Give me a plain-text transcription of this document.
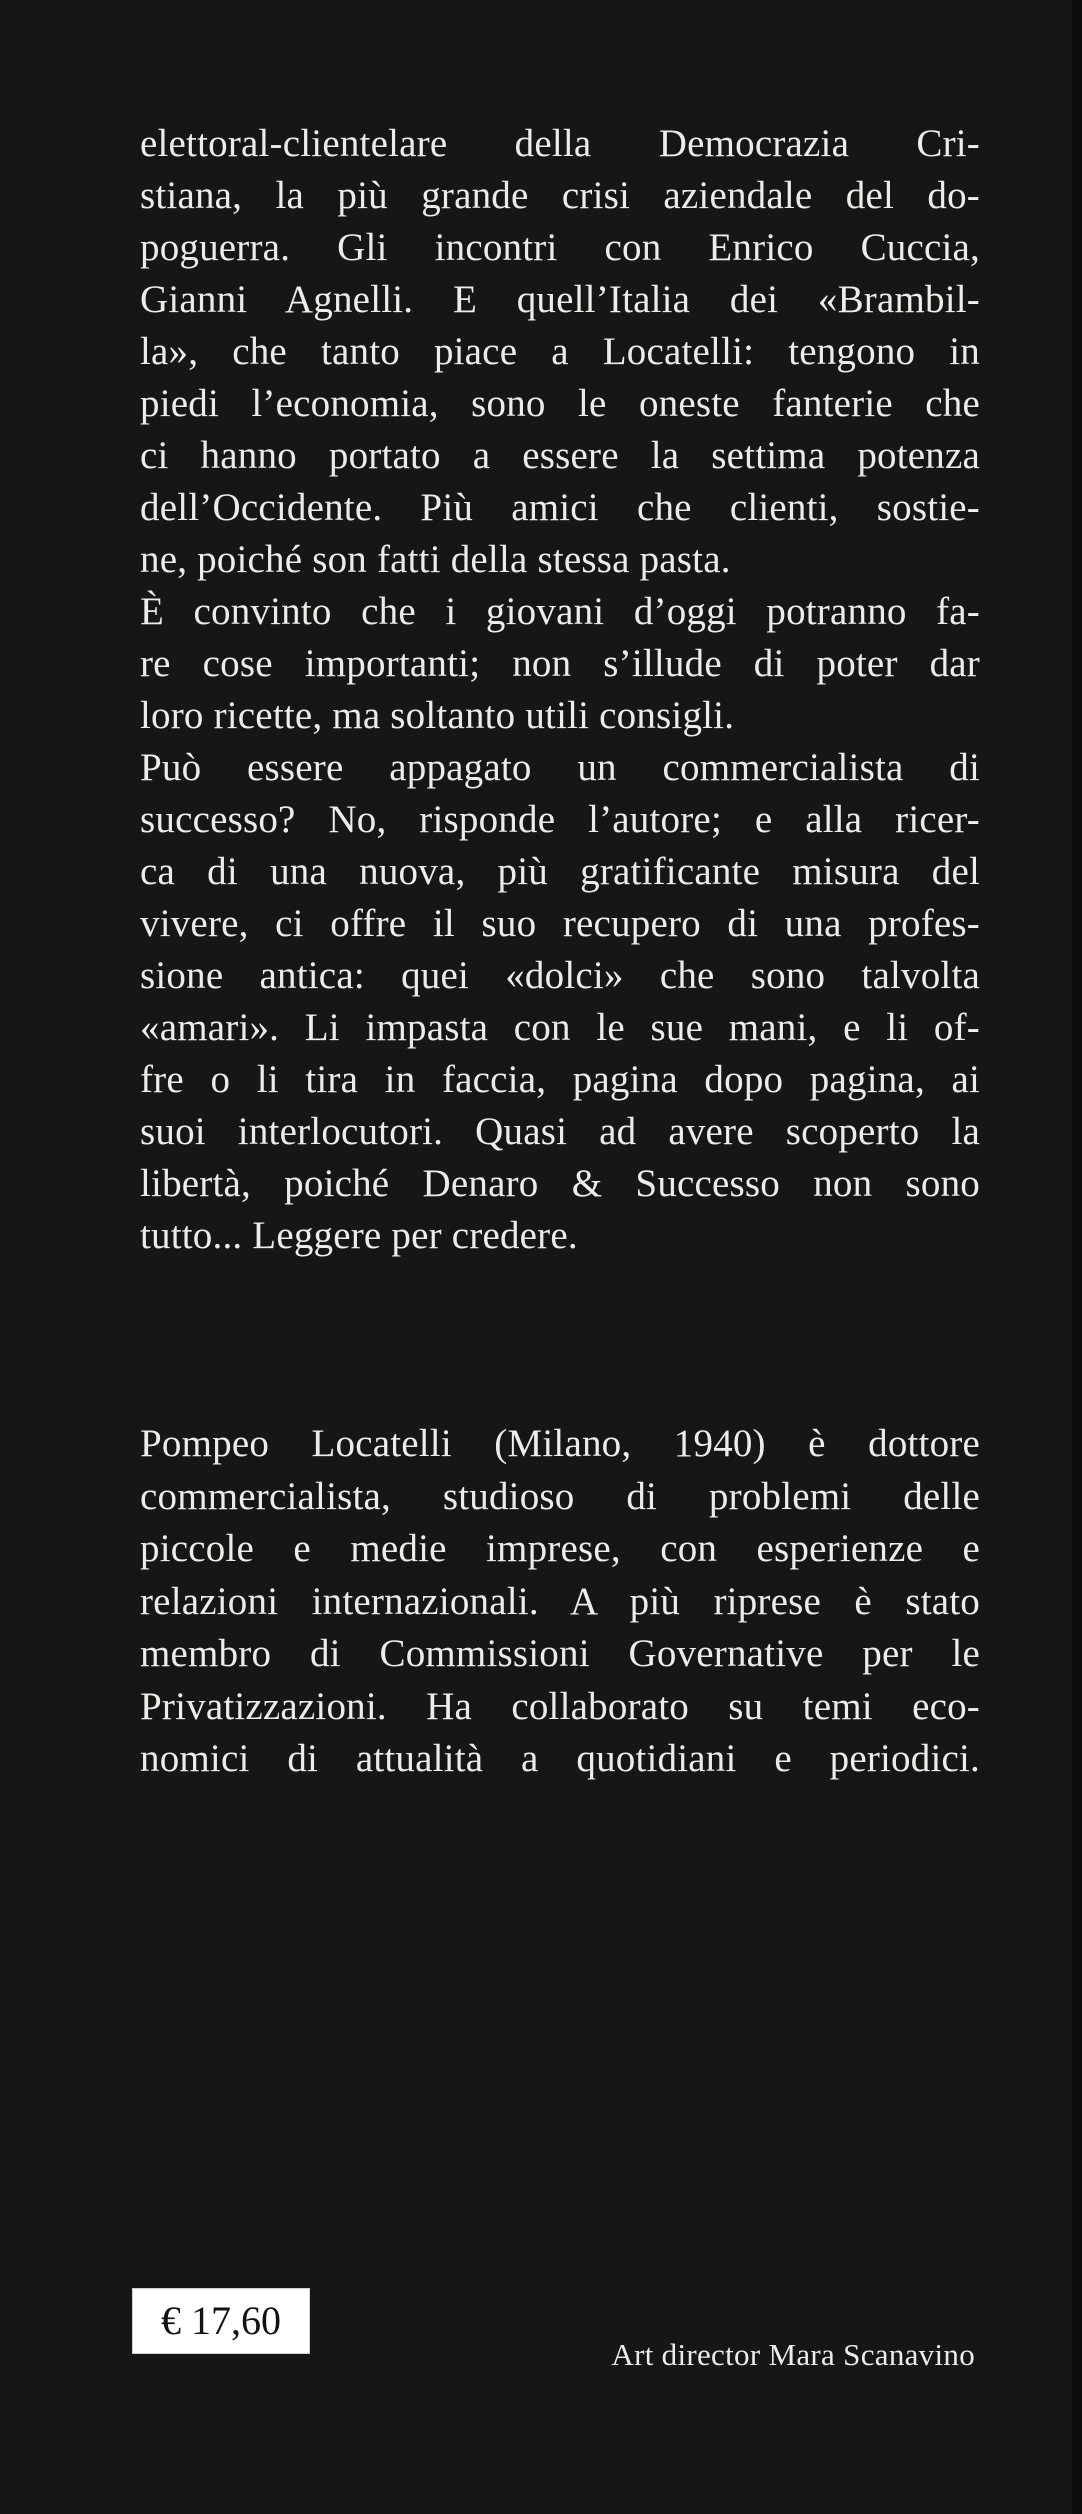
elettoral-clientelare della Democrazia Cri-
stiana, la più grande crisi aziendale del do-
poguerra. Gli incontri con Enrico Cuccia,
Gianni Agnelli. E quell’Italia dei «Brambil-
la», che tanto piace a Locatelli: tengono in
piedi l’economia, sono le oneste fanterie che
ci hanno portato a essere la settima potenza
dell’Occidente. Più amici che clienti, sostie-
ne, poiché son fatti della stessa pasta.
È convinto che i giovani d’oggi potranno fa-
re cose importanti; non s’illude di poter dar
loro ricette, ma soltanto utili consigli.
Può essere appagato un commercialista di
successo? No, risponde l’autore; e alla ricer-
ca di una nuova, più gratificante misura del
vivere, ci offre il suo recupero di una profes-
sione antica: quei «dolci» che sono talvolta
«amari». Li impasta con le sue mani, e li of-
fre o li tira in faccia, pagina dopo pagina, ai
suoi interlocutori. Quasi ad avere scoperto la
libertà, poiché Denaro & Successo non sono
tutto... Leggere per credere.
Pompeo Locatelli (Milano, 1940) è dottore
commercialista, studioso di problemi delle
piccole e medie imprese, con esperienze e
relazioni internazionali. A più riprese è stato
membro di Commissioni Governative per le
Privatizzazioni. Ha collaborato su temi eco-
nomici di attualità a quotidiani e periodici.
€ 17,60
Art director Mara Scanavino
